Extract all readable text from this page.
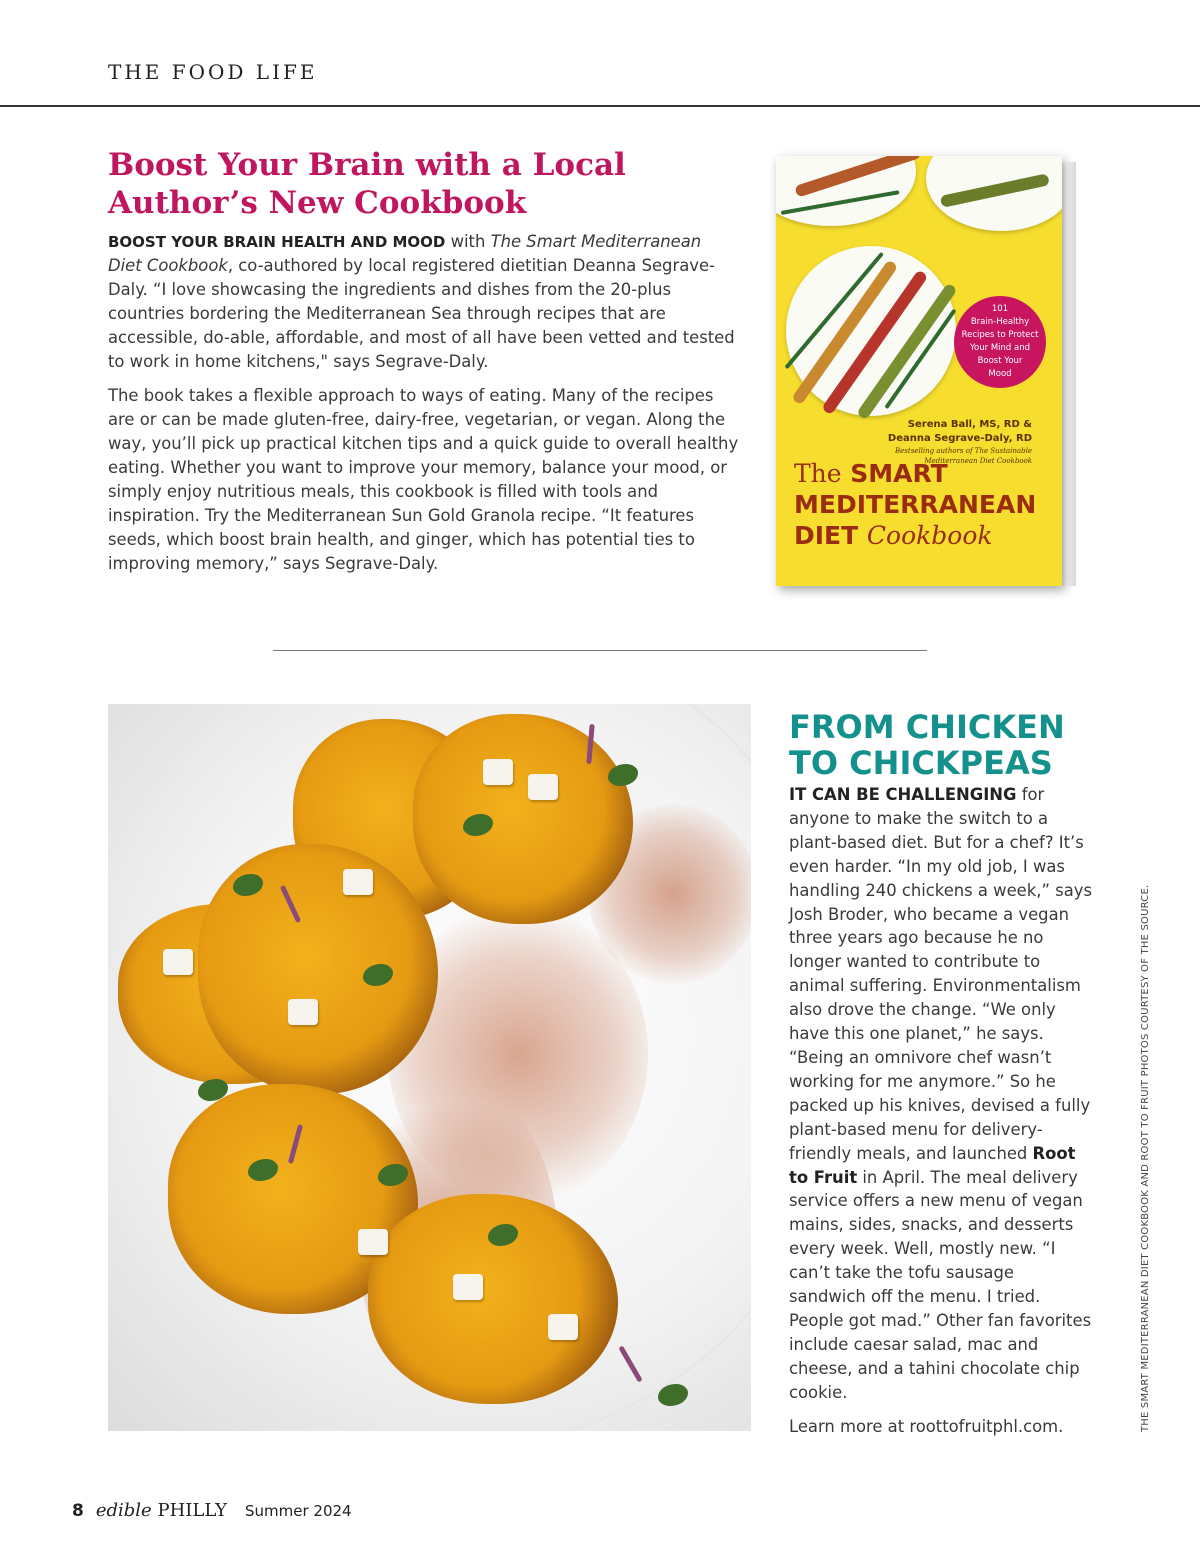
THE FOOD LIFE
Boost Your Brain with a Local Author’s New Cookbook

BOOST YOUR BRAIN HEALTH AND MOOD with The Smart Mediterranean Diet Cookbook, co-authored by local registered dietitian Deanna Segrave-Daly. “I love showcasing the ingredients and dishes from the 20-plus countries bordering the Mediterranean Sea through recipes that are accessible, do-able, affordable, and most of all have been vetted and tested to work in home kitchens," says Segrave-Daly.

The book takes a flexible approach to ways of eating. Many of the recipes are or can be made gluten-free, dairy-free, vegetarian, or vegan. Along the way, you’ll pick up practical kitchen tips and a quick guide to overall healthy eating. Whether you want to improve your memory, balance your mood, or simply enjoy nutritious meals, this cookbook is filled with tools and inspiration. Try the Mediterranean Sun Gold Granola recipe. “It features seeds, which boost brain health, and ginger, which has potential ties to improving memory,” says Segrave-Daly.

101
Brain-Healthy
Recipes to Protect
Your Mind and
Boost Your
Mood
Serena Ball, MS, RD &
Deanna Segrave-Daly, RD
Bestselling authors of The Sustainable
Mediterranean Diet Cookbook
The SMART
MEDITERRANEAN
DIET Cookbook
FROM CHICKEN
TO CHICKPEAS

IT CAN BE CHALLENGING for anyone to make the switch to a plant-based diet. But for a chef? It’s even harder. “In my old job, I was handling 240 chickens a week,” says Josh Broder, who became a vegan three years ago because he no longer wanted to contribute to animal suffering. Environmentalism also drove the change. “We only have this one planet,” he says. “Being an omnivore chef wasn’t working for me anymore.” So he packed up his knives, devised a fully plant-based menu for delivery-friendly meals, and launched Root to Fruit in April. The meal delivery service offers a new menu of vegan mains, sides, snacks, and desserts every week. Well, mostly new. “I can’t take the tofu sausage sandwich off the menu. I tried. People got mad.” Other fan favorites include caesar salad, mac and cheese, and a tahini chocolate chip cookie.

Learn more at roottofruitphl.com.	THE SMART MEDITERRANEAN DIET COOKBOOK AND ROOT TO FRUIT PHOTOS COURTESY OF THE SOURCE.
8 edible PHILLY Summer 2024
